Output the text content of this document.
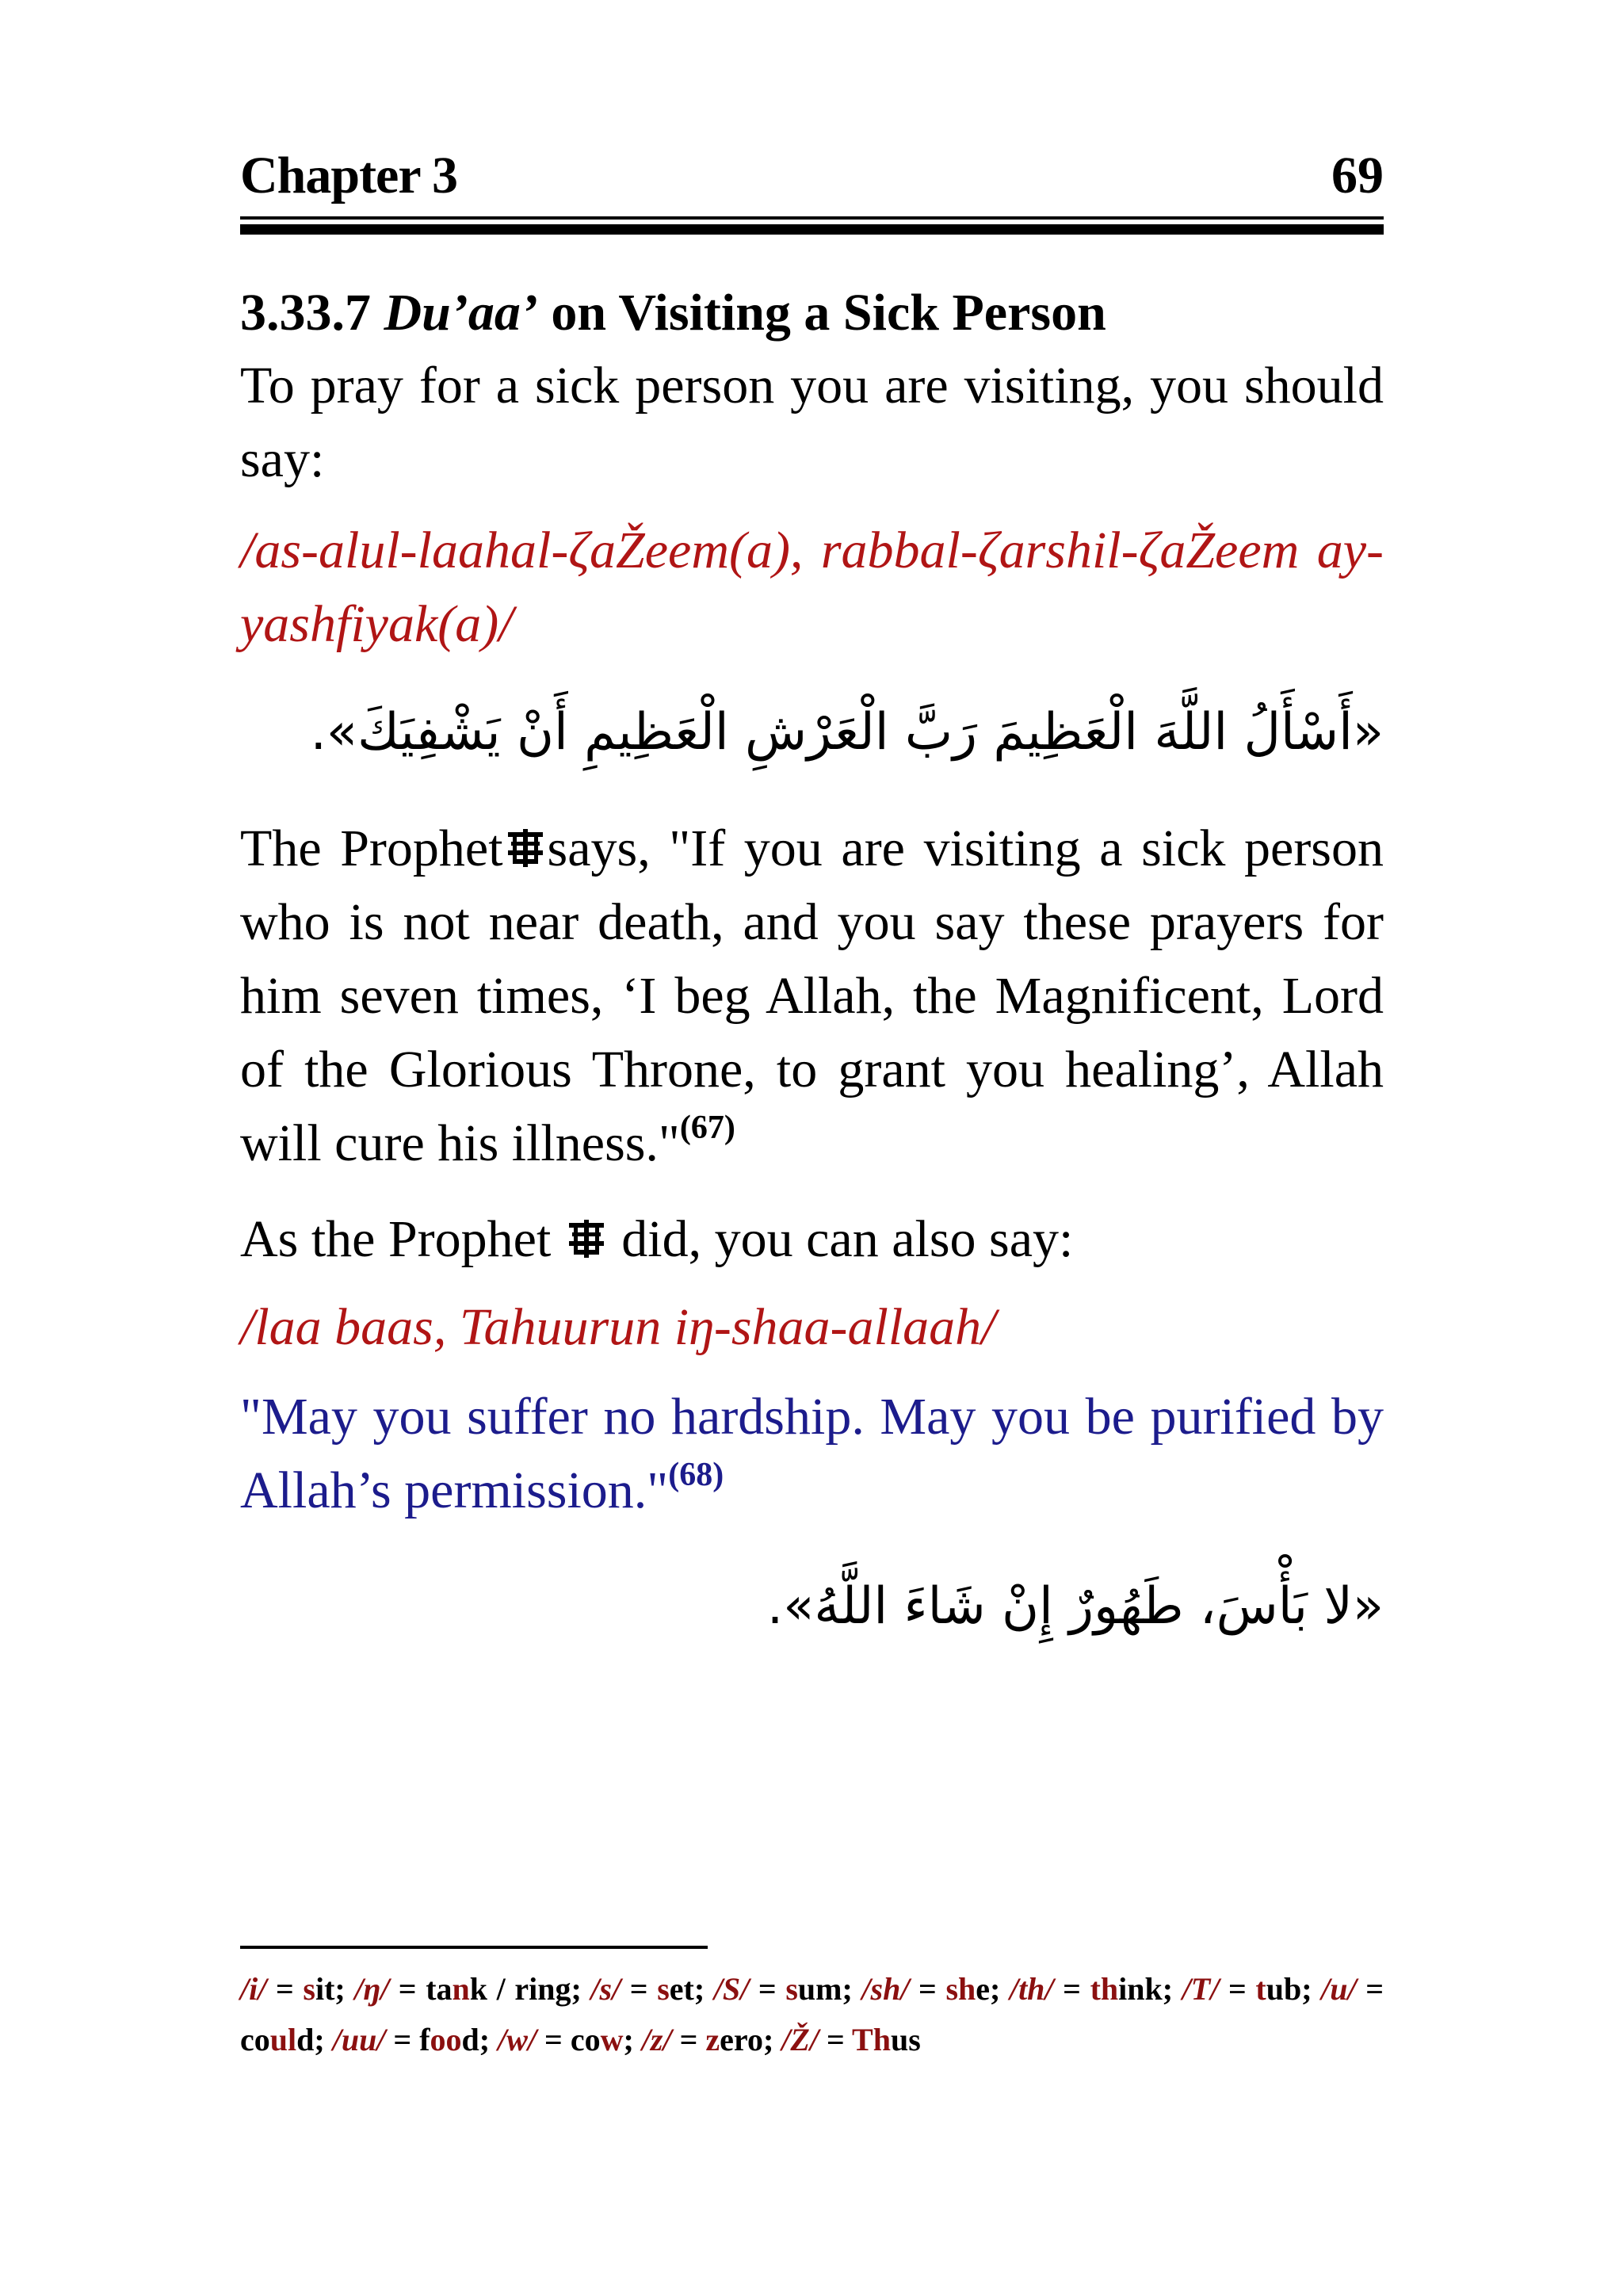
Chapter 3	69
3.33.7 Du’aa’ on Visiting a Sick Person

To pray for a sick person you are visiting, you should say:

/as-alul-laahal-ζaŽeem(a), rabbal-ζarshil-ζaŽeem ay-yashfiyak(a)/

«أَسْأَلُ اللَّهَ الْعَظِيمَ رَبَّ الْعَرْشِ الْعَظِيمِ أَنْ يَشْفِيَكَ».

The Prophet says, "If you are visiting a sick person who is not near death, and you say these prayers for him seven times, ‘I beg Allah, the Magnificent, Lord of the Glorious Throne, to grant you healing’, Allah will cure his illness."$^{(67)}$

As the Prophet did, you can also say:

/laa baas, Tahuurun iŋ-shaa-allaah/

"May you suffer no hardship. May you be purified by Allah’s permission."$^{(68)}$

«لا بَأْسَ، طَهُورٌ إِنْ شَاءَ اللَّهُ».

/i/ = sit; /ŋ/ = tank / ring; /s/ = set; /S/ = sum; /sh/ = she; /th/ = think; /T/ = tub; /u/ = could; /uu/ = food; /w/ = cow; /z/ = zero; /Ž/ = Thus
